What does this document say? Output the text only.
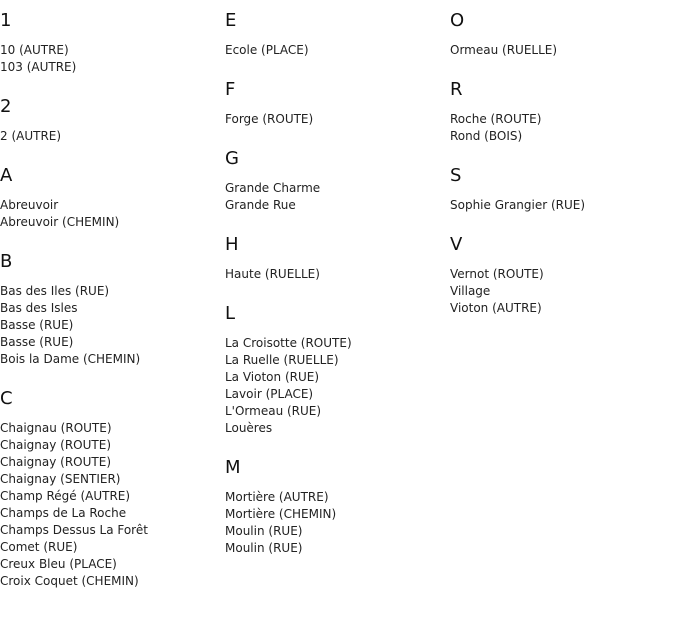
1
10 (AUTRE)
103 (AUTRE)
2
2 (AUTRE)
A
Abreuvoir
Abreuvoir (CHEMIN)
B
Bas des Iles (RUE)
Bas des Isles
Basse (RUE)
Basse (RUE)
Bois la Dame (CHEMIN)
C
Chaignau (ROUTE)
Chaignay (ROUTE)
Chaignay (ROUTE)
Chaignay (SENTIER)
Champ Régé (AUTRE)
Champs de La Roche
Champs Dessus La Forêt
Comet (RUE)
Creux Bleu (PLACE)
Croix Coquet (CHEMIN)
E
Ecole (PLACE)
F
Forge (ROUTE)
G
Grande Charme
Grande Rue
H
Haute (RUELLE)
L
La Croisotte (ROUTE)
La Ruelle (RUELLE)
La Vioton (RUE)
Lavoir (PLACE)
L'Ormeau (RUE)
Louères
M
Mortière (AUTRE)
Mortière (CHEMIN)
Moulin (RUE)
Moulin (RUE)
O
Ormeau (RUELLE)
R
Roche (ROUTE)
Rond (BOIS)
S
Sophie Grangier (RUE)
V
Vernot (ROUTE)
Village
Vioton (AUTRE)
